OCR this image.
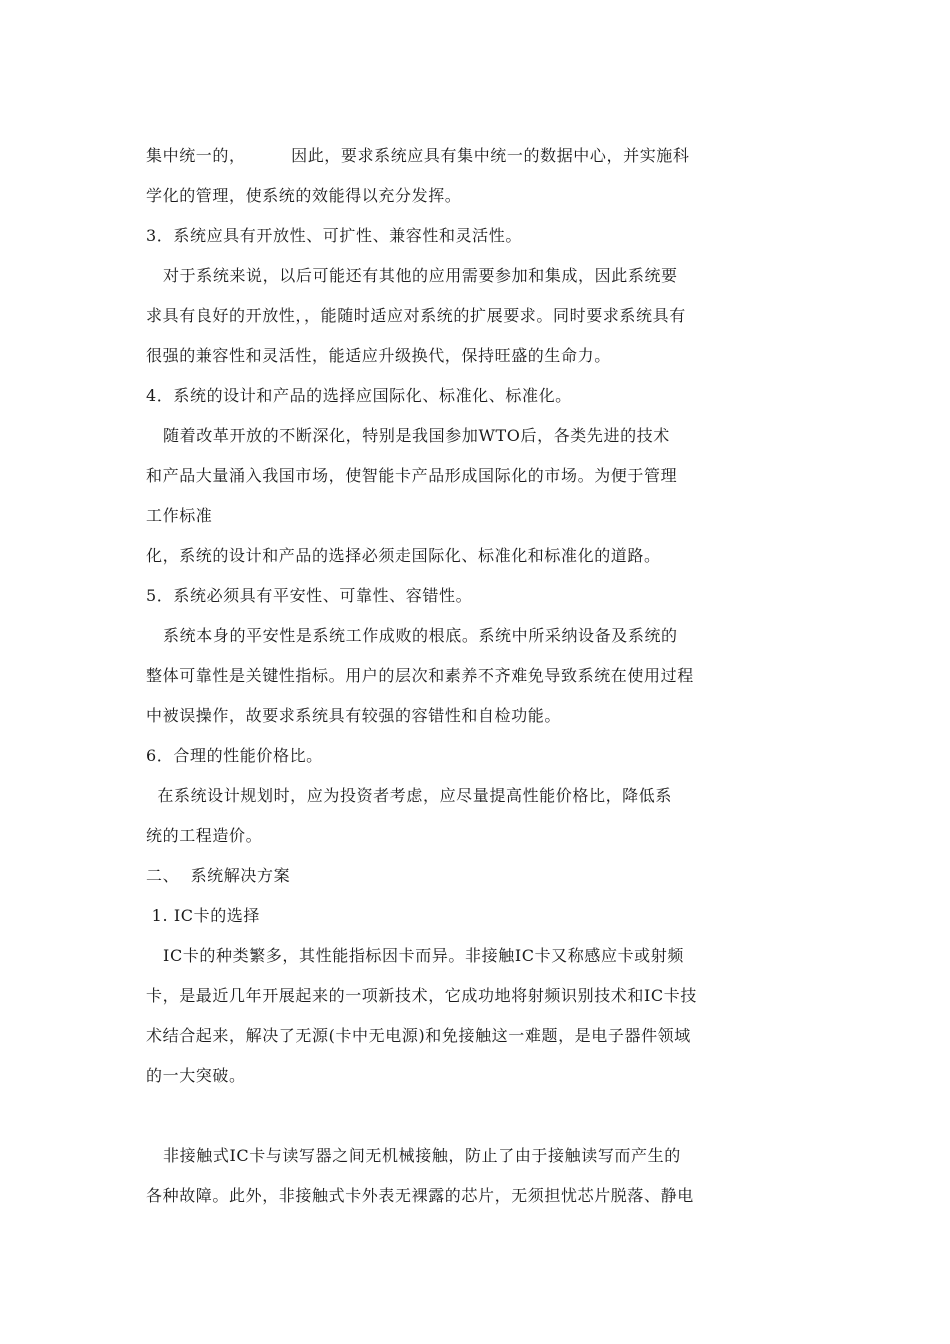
集中统一的，        因此，要求系统应具有集中统一的数据中心，并实施科
学化的管理，使系统的效能得以充分发挥。
3．系统应具有开放性、可扩性、兼容性和灵活性。
对于系统来说，以后可能还有其他的应用需要参加和集成，因此系统要
求具有良好的开放性，，能随时适应对系统的扩展要求。同时要求系统具有
很强的兼容性和灵活性，能适应升级换代，保持旺盛的生命力。
4．系统的设计和产品的选择应国际化、标准化、标准化。
随着改革开放的不断深化，特别是我国参加WTO后，各类先进的技术
和产品大量涌入我国市场，使智能卡产品形成国际化的市场。为便于管理
工作标准
化，系统的设计和产品的选择必须走国际化、标准化和标准化的道路。
5．系统必须具有平安性、可靠性、容错性。
系统本身的平安性是系统工作成败的根底。系统中所采纳设备及系统的
整体可靠性是关键性指标。用户的层次和素养不齐难免导致系统在使用过程
中被误操作，故要求系统具有较强的容错性和自检功能。
6．合理的性能价格比。
在系统设计规划时，应为投资者考虑，应尽量提高性能价格比，降低系
统的工程造价。
二、  系统解决方案
1. IC卡的选择
IC卡的种类繁多，其性能指标因卡而异。非接触IC卡又称感应卡或射频
卡，是最近几年开展起来的一项新技术，它成功地将射频识别技术和IC卡技
术结合起来，解决了无源(卡中无电源)和免接触这一难题，是电子器件领域
的一大突破。
非接触式IC卡与读写器之间无机械接触，防止了由于接触读写而产生的
各种故障。此外，非接触式卡外表无裸露的芯片，无须担忧芯片脱落、静电
